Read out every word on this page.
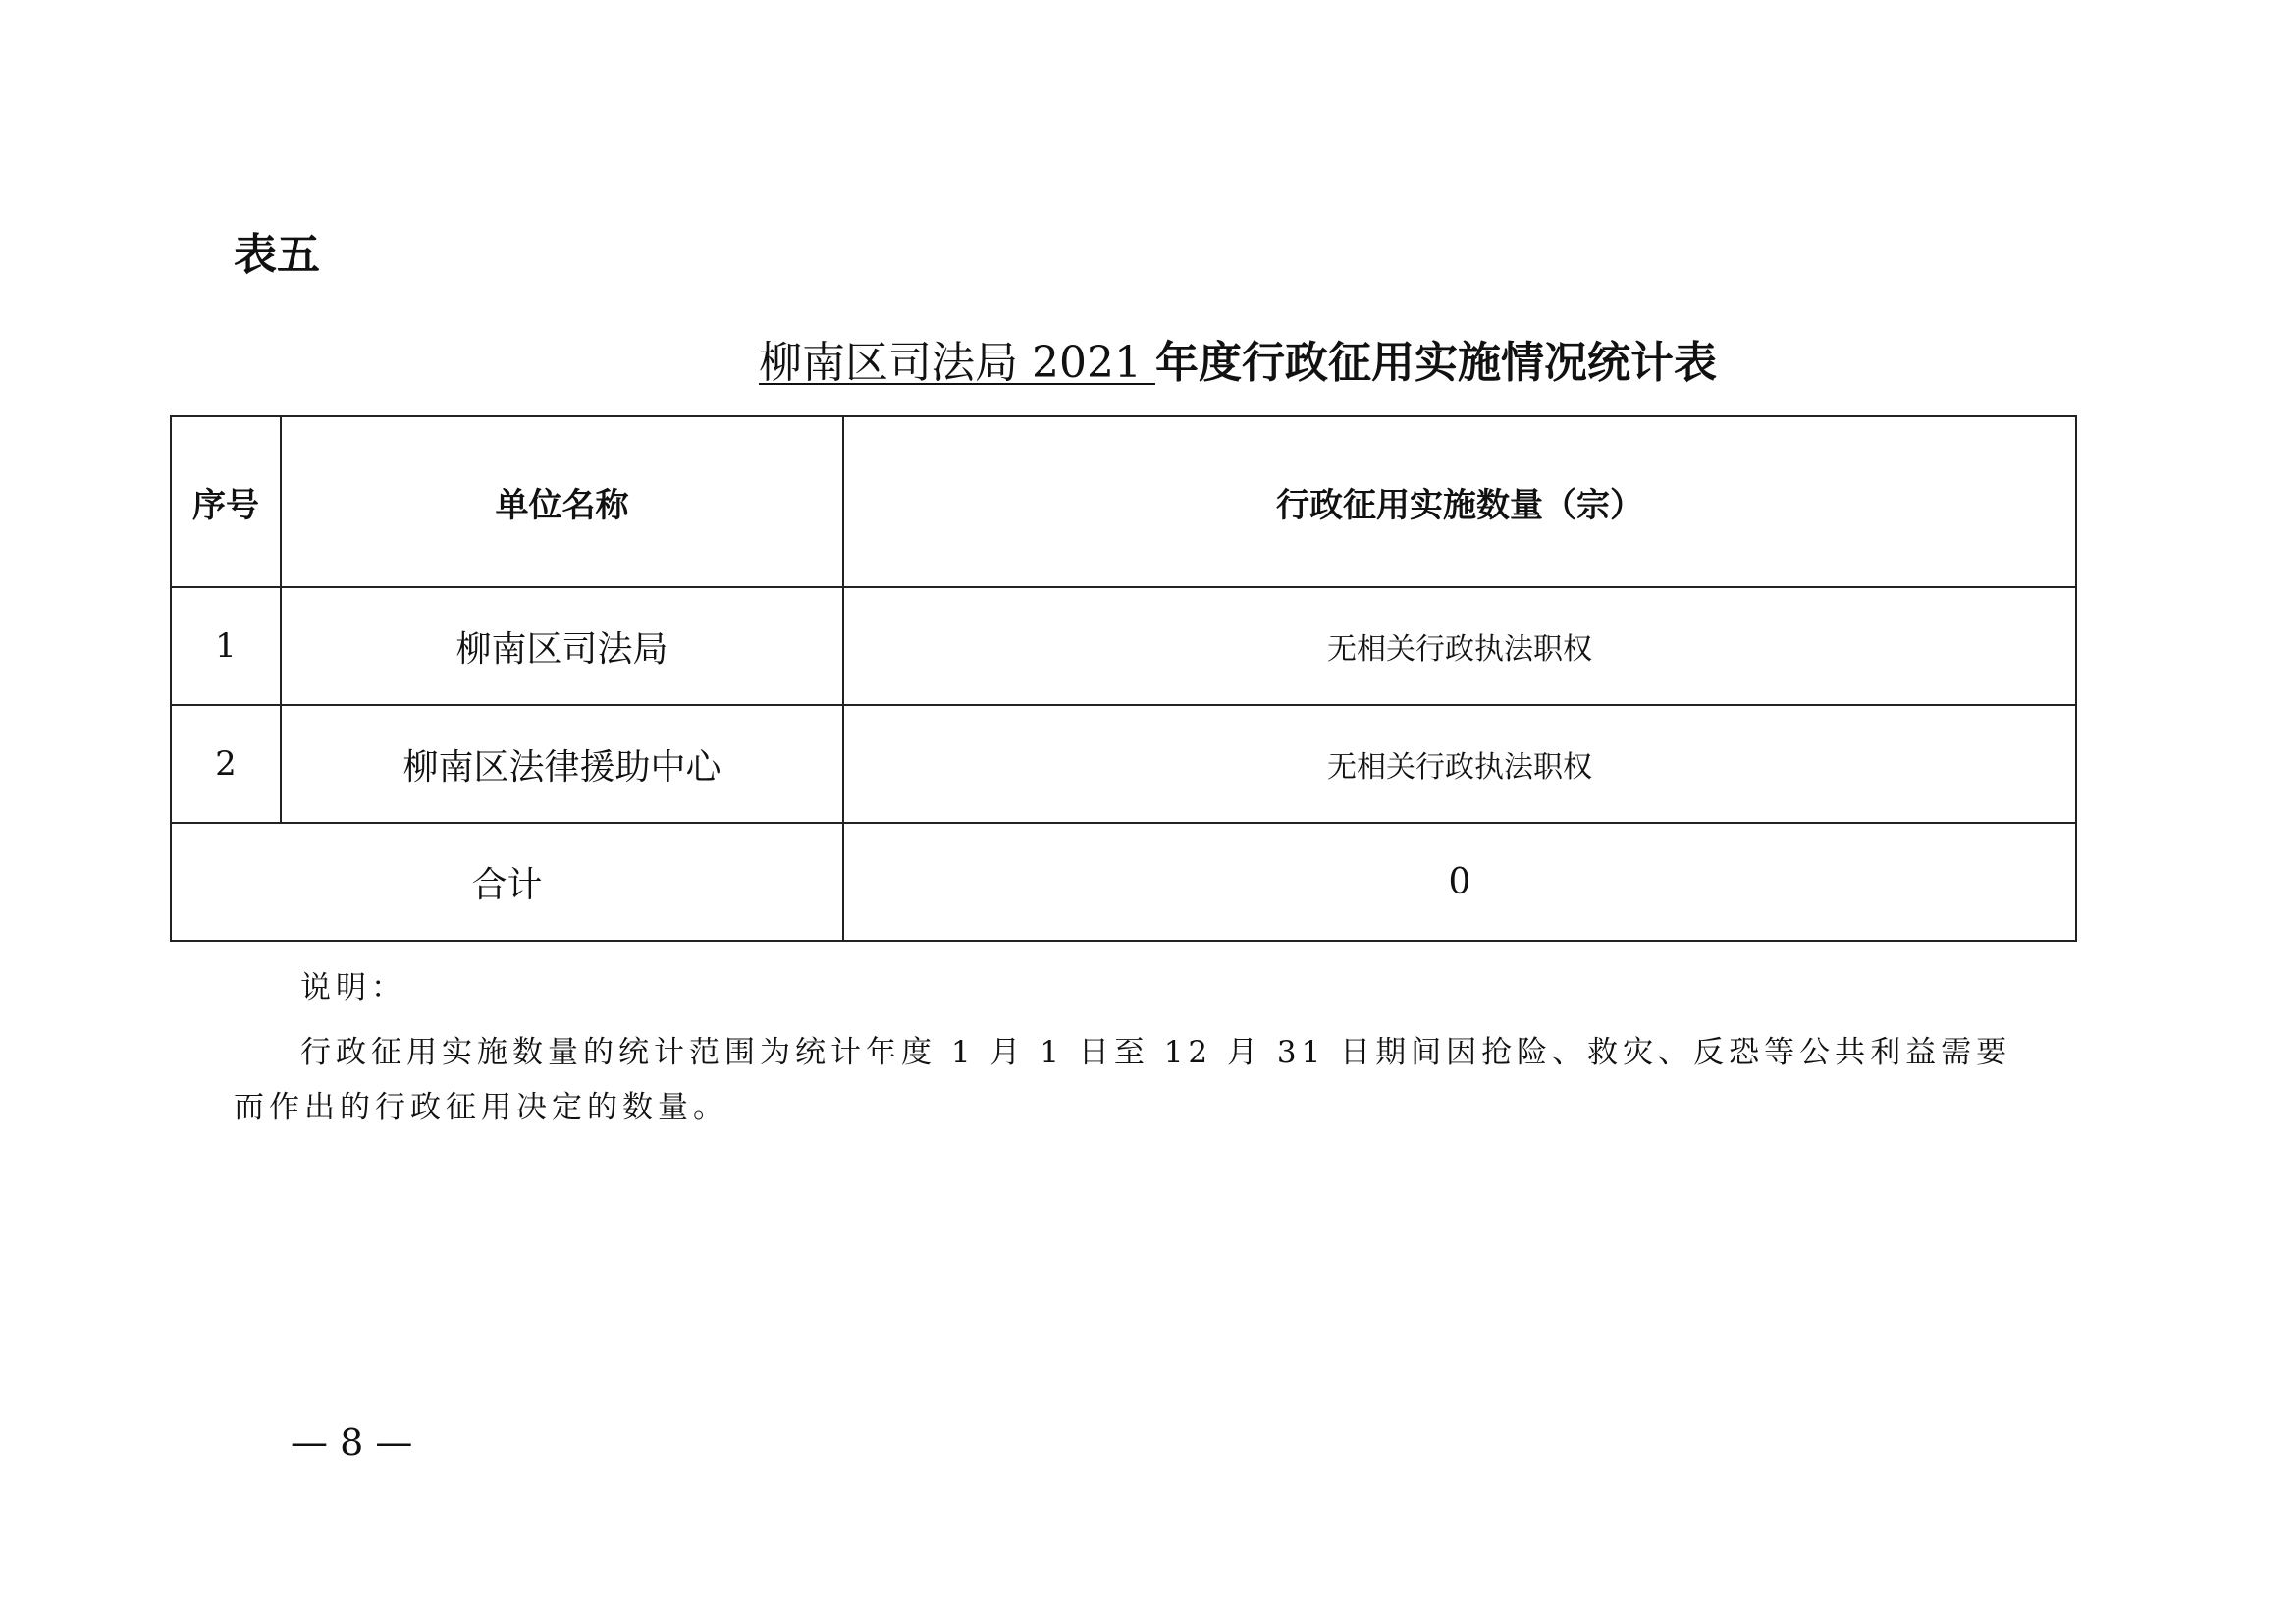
表五
柳南区司法局 2021 年度行政征用实施情况统计表
序号	单位名称	行政征用实施数量（宗）
1	柳南区司法局	无相关行政执法职权
2	柳南区法律援助中心	无相关行政执法职权
合计		0
说明：

行政征用实施数量的统计范围为统计年度 1 月 1 日至 12 月 31 日期间因抢险、救灾、反恐等公共利益需要而作出的行政征用决定的数量。

— 8 —
